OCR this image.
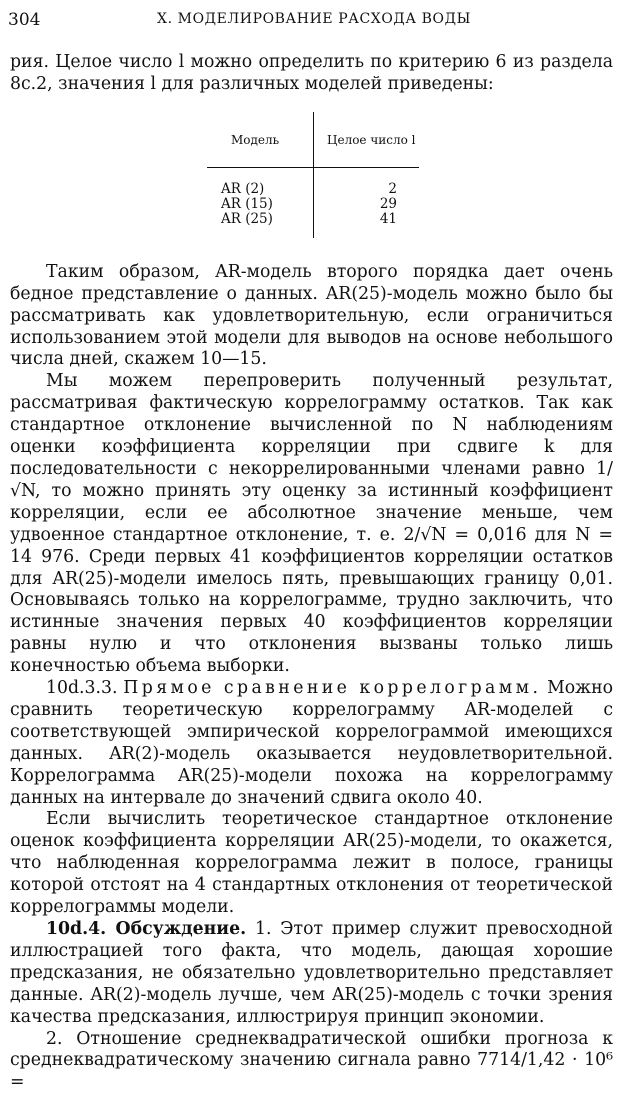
304	X. МОДЕЛИРОВАНИЕ РАСХОДА ВОДЫ

рия. Целое число l можно определить по критерию 6 из раздела 8с.2, значения l для различных моделей приведены:

Модель	Целое число l
AR (2)	2
AR (15)	29
AR (25)	41

Таким образом, AR-модель второго порядка дает очень бедное представление о данных. AR(25)-модель можно было бы рассматривать как удовлетворительную, если ограничиться использованием этой модели для выводов на основе небольшого числа дней, скажем 10—15.

Мы можем перепроверить полученный результат, рассматривая фактическую коррелограмму остатков. Так как стандартное отклонение вычисленной по N наблюдениям оценки коэффициента корреляции при сдвиге k для последовательности с некоррелированными членами равно 1/√N, то можно принять эту оценку за истинный коэффициент корреляции, если ее абсолютное значение меньше, чем удвоенное стандартное отклонение, т. е. 2/√N = 0,016 для N = 14 976. Среди первых 41 коэффициентов корреляции остатков для AR(25)-модели имелось пять, превышающих границу 0,01. Основываясь только на коррелограмме, трудно заключить, что истинные значения первых 40 коэффициентов корреляции равны нулю и что отклонения вызваны только лишь конечностью объема выборки.

10d.3.3. Прямое сравнение коррелограмм. Можно сравнить теоретическую коррелограмму AR-моделей с соответствующей эмпирической коррелограммой имеющихся данных. AR(2)-модель оказывается неудовлетворительной. Коррелограмма AR(25)-модели похожа на коррелограмму данных на интервале до значений сдвига около 40.

Если вычислить теоретическое стандартное отклонение оценок коэффициента корреляции AR(25)-модели, то окажется, что наблюденная коррелограмма лежит в полосе, границы которой отстоят на 4 стандартных отклонения от теоретической коррелограммы модели.

10d.4. Обсуждение. 1. Этот пример служит превосходной иллюстрацией того факта, что модель, дающая хорошие предсказания, не обязательно удовлетворительно представляет данные. AR(2)-модель лучше, чем AR(25)-модель с точки зрения качества предсказания, иллюстрируя принцип экономии.

2. Отношение среднеквадратической ошибки прогноза к среднеквадратическому значению сигнала равно 7714/1,42 · 10⁶ =
